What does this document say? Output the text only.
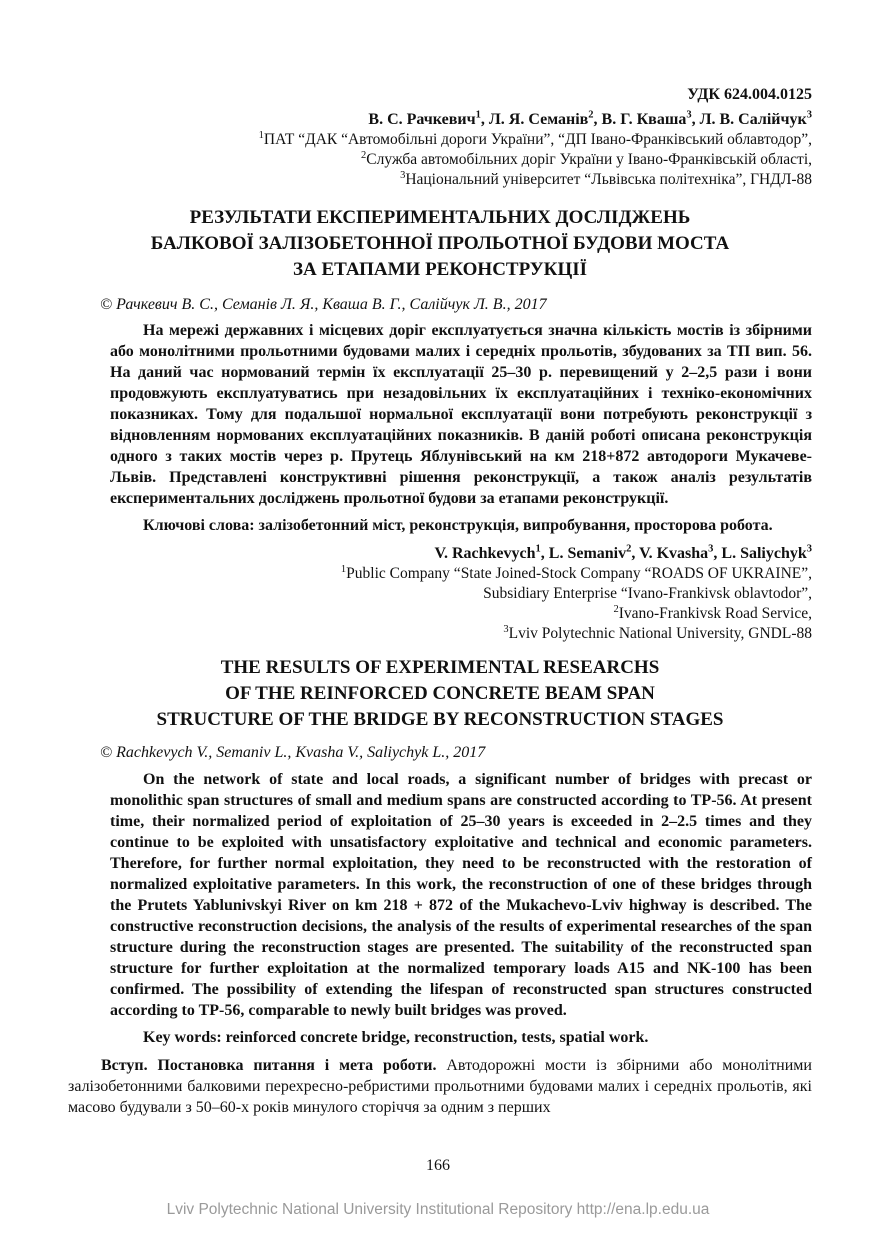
УДК 624.004.0125
В. С. Рачкевич$^1$, Л. Я. Семанів$^2$, В. Г. Кваша$^3$, Л. В. Салійчук$^3$
$^1$ПАТ “ДАК “Автомобільні дороги України”, “ДП Івано-Франківський облавтодор”,
$^2$Служба автомобільних доріг України у Івано-Франківській області,
$^3$Національний університет “Львівська політехніка”, ГНДЛ-88
РЕЗУЛЬТАТИ ЕКСПЕРИМЕНТАЛЬНИХ ДОСЛІДЖЕНЬ
БАЛКОВОЇ ЗАЛІЗОБЕТОННОЇ ПРОЛЬОТНОЇ БУДОВИ МОСТА
ЗА ЕТАПАМИ РЕКОНСТРУКЦІЇ
© Рачкевич В. С., Семанів Л. Я., Кваша В. Г., Салійчук Л. В., 2017

На мережі державних і місцевих доріг експлуатується значна кількість мостів із збірними або монолітними прольотними будовами малих і середніх прольотів, збудованих за ТП вип. 56. На даний час нормований термін їх експлуатації 25–30 р. перевищений у 2–2,5 рази і вони продовжують експлуатуватись при незадовільних їх експлуатаційних і техніко-економічних показниках. Тому для подальшої нормальної експлуатації вони потребують реконструкції з відновленням нормованих експлуатаційних показників. В даній роботі описана реконструкція одного з таких мостів через р. Прутець Яблунівський на км 218+872 автодороги Мукачеве-Львів. Представлені конструктивні рішення реконструкції, а також аналіз результатів експериментальних досліджень прольотної будови за етапами реконструкції.

Ключові слова: залізобетонний міст, реконструкція, випробування, просторова робота.

V. Rachkevych$^1$, L. Semaniv$^2$, V. Kvasha$^3$, L. Saliychyk$^3$
$^1$Public Company “State Joined-Stock Company “ROADS OF UKRAINE”,
Subsidiary Enterprise “Ivano-Frankivsk oblavtodor”,
$^2$Ivano-Frankivsk Road Service,
$^3$Lviv Polytechnic National University, GNDL-88
THE RESULTS OF EXPERIMENTAL RESEARCHS
OF THE REINFORCED CONCRETE BEAM SPAN
STRUCTURE OF THE BRIDGE BY RECONSTRUCTION STAGES
© Rachkevych V., Semaniv L., Kvasha V., Saliychyk L., 2017

On the network of state and local roads, a significant number of bridges with precast or monolithic span structures of small and medium spans are constructed according to TP-56. At present time, their normalized period of exploitation of 25–30 years is exceeded in 2–2.5 times and they continue to be exploited with unsatisfactory exploitative and technical and economic parameters. Therefore, for further normal exploitation, they need to be reconstructed with the restoration of normalized exploitative parameters. In this work, the reconstruction of one of these bridges through the Prutets Yablunivskyi River on km 218 + 872 of the Mukachevo-Lviv highway is described. The constructive reconstruction decisions, the analysis of the results of experimental researches of the span structure during the reconstruction stages are presented. The suitability of the reconstructed span structure for further exploitation at the normalized temporary loads A15 and NK-100 has been confirmed. The possibility of extending the lifespan of reconstructed span structures constructed according to TP-56, comparable to newly built bridges was proved.

Key words: reinforced concrete bridge, reconstruction, tests, spatial work.

Вступ. Постановка питання і мета роботи. Автодорожні мости із збірними або монолітними залізобетонними балковими перехресно-ребристими прольотними будовами малих і середніх прольотів, які масово будували з 50–60-х років минулого сторіччя за одним з перших

166
Lviv Polytechnic National University Institutional Repository http://ena.lp.edu.ua
